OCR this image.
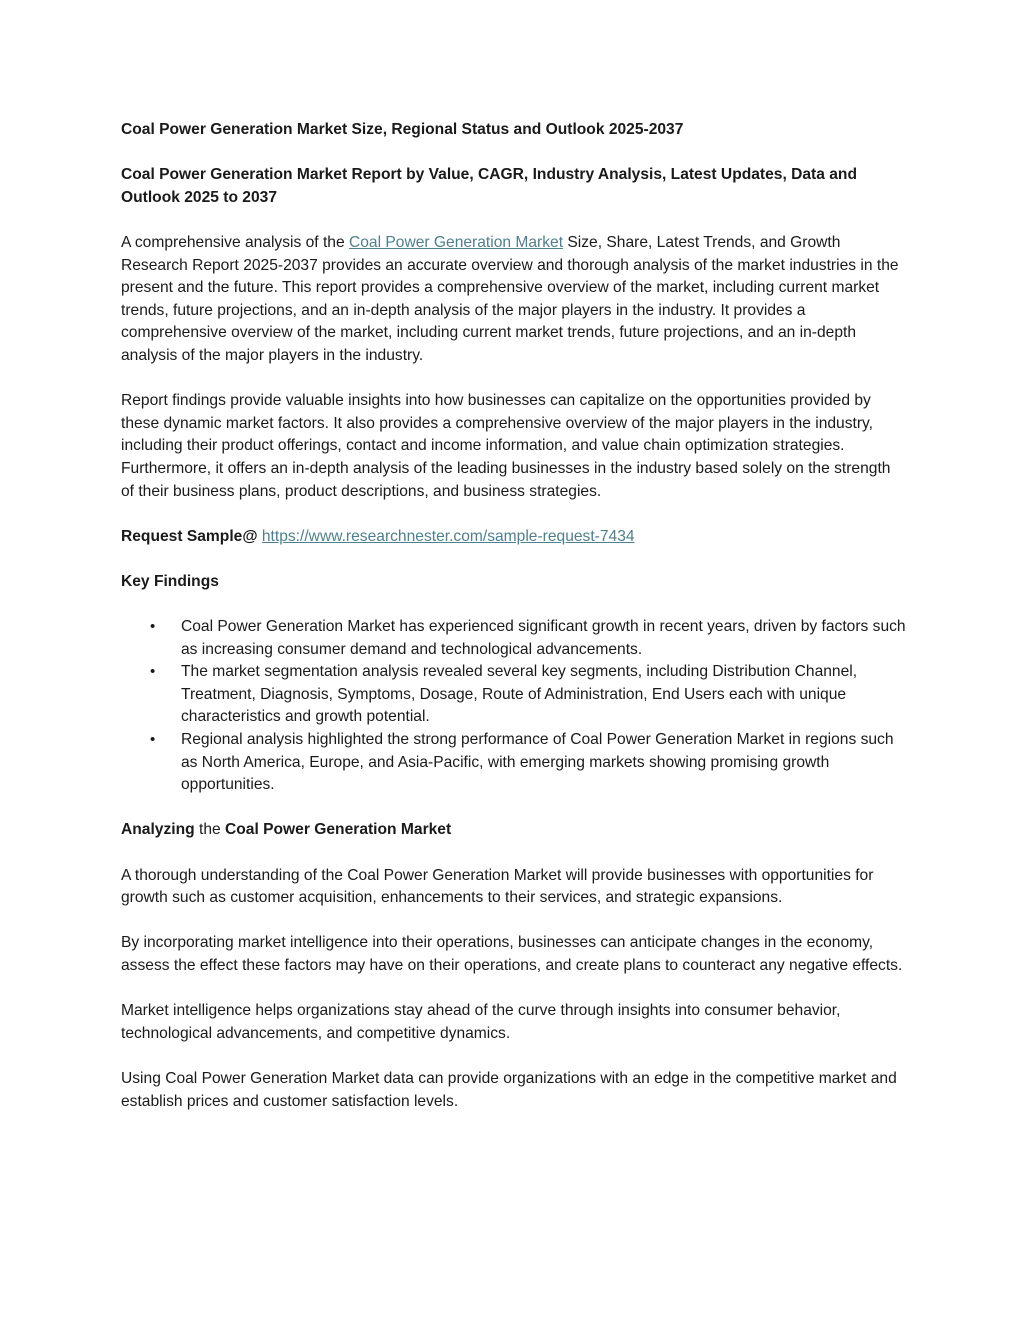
Coal Power Generation Market Size, Regional Status and Outlook 2025-2037

Coal Power Generation Market Report by Value, CAGR, Industry Analysis, Latest Updates, Data and Outlook 2025 to 2037

A comprehensive analysis of the Coal Power Generation Market Size, Share, Latest Trends, and Growth Research Report 2025-2037 provides an accurate overview and thorough analysis of the market industries in the present and the future. This report provides a comprehensive overview of the market, including current market trends, future projections, and an in-depth analysis of the major players in the industry. It provides a comprehensive overview of the market, including current market trends, future projections, and an in-depth analysis of the major players in the industry.

Report findings provide valuable insights into how businesses can capitalize on the opportunities provided by these dynamic market factors. It also provides a comprehensive overview of the major players in the industry, including their product offerings, contact and income information, and value chain optimization strategies. Furthermore, it offers an in-depth analysis of the leading businesses in the industry based solely on the strength of their business plans, product descriptions, and business strategies.

Request Sample@ https://www.researchnester.com/sample-request-7434

Key Findings

• Coal Power Generation Market has experienced significant growth in recent years, driven by factors such as increasing consumer demand and technological advancements.
• The market segmentation analysis revealed several key segments, including Distribution Channel, Treatment, Diagnosis, Symptoms, Dosage, Route of Administration, End Users each with unique characteristics and growth potential.
• Regional analysis highlighted the strong performance of Coal Power Generation Market in regions such as North America, Europe, and Asia-Pacific, with emerging markets showing promising growth opportunities.

Analyzing the Coal Power Generation Market

A thorough understanding of the Coal Power Generation Market will provide businesses with opportunities for growth such as customer acquisition, enhancements to their services, and strategic expansions.

By incorporating market intelligence into their operations, businesses can anticipate changes in the economy, assess the effect these factors may have on their operations, and create plans to counteract any negative effects.

Market intelligence helps organizations stay ahead of the curve through insights into consumer behavior, technological advancements, and competitive dynamics.

Using Coal Power Generation Market data can provide organizations with an edge in the competitive market and establish prices and customer satisfaction levels.
